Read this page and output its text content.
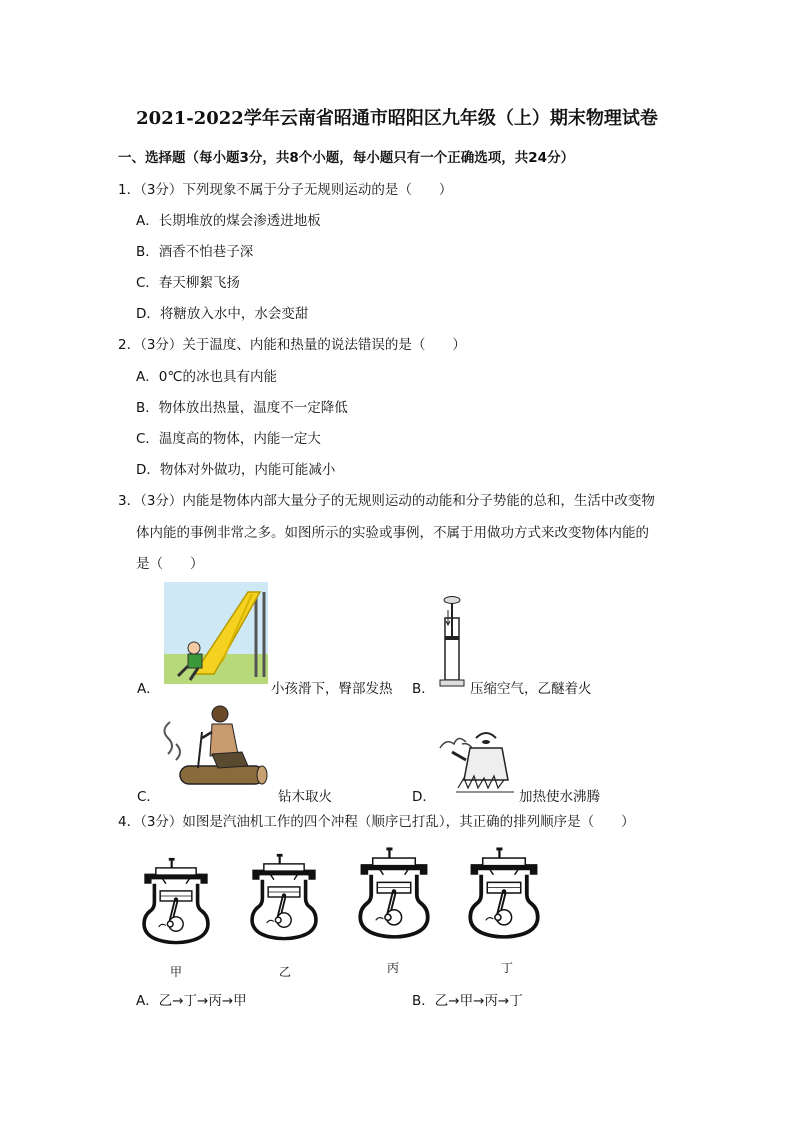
2021-2022学年云南省昭通市昭阳区九年级（上）期末物理试卷
一、选择题（每小题3分，共8个小题，每小题只有一个正确选项，共24分）
1．（3分）下列现象不属于分子无规则运动的是（　　）
A．长期堆放的煤会渗透进地板
B．酒香不怕巷子深
C．春天柳絮飞扬
D．将糖放入水中，水会变甜
2．（3分）关于温度、内能和热量的说法错误的是（　　）
A．0℃的冰也具有内能
B．物体放出热量，温度不一定降低
C．温度高的物体，内能一定大
D．物体对外做功，内能可能减小
3．（3分）内能是物体内部大量分子的无规则运动的动能和分子势能的总和，生活中改变物
体内能的事例非常之多。如图所示的实验或事例，不属于用做功方式来改变物体内能的
是（　　）
A．	小孩滑下，臀部发热 B．	压缩空气，乙醚着火
C．	钻木取火	D．	加热使水沸腾
4．（3分）如图是汽油机工作的四个冲程（顺序已打乱），其正确的排列顺序是（　　）
甲	乙	丙	丁
A．乙→丁→丙→甲	B．乙→甲→丙→丁
